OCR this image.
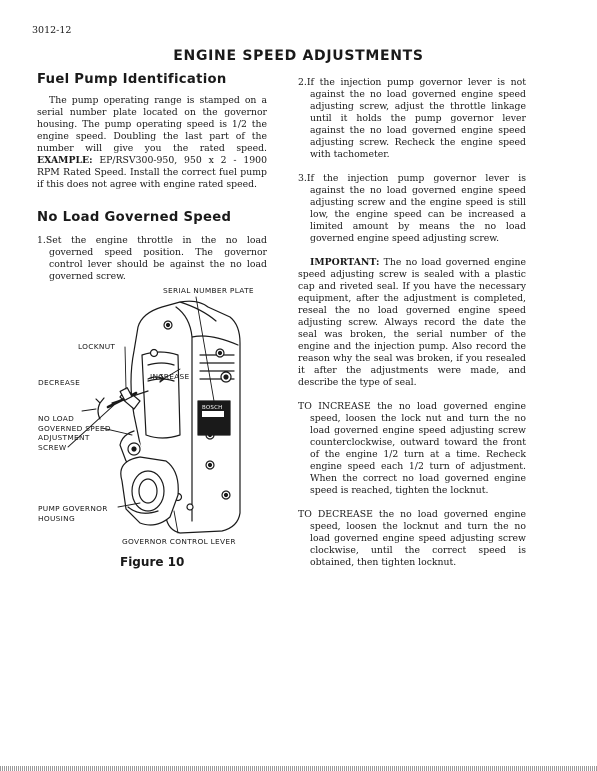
3012-12
ENGINE SPEED ADJUSTMENTS
Fuel Pump Identification

The pump operating range is stamped on a serial number plate located on the governor housing. The pump operating speed is 1/2 the engine speed. Doubling the last part of the number will give you the rated speed. EXAMPLE: EP/RSV300-950, 950 x 2 - 1900 RPM Rated Speed. Install the correct fuel pump if this does not agree with engine rated speed.

No Load Governed Speed

1.Set the engine throttle in the no load governed speed position. The governor control lever should be against the no load governed screw.

SERIAL NUMBER PLATE
LOCKNUT
INCREASE
DECREASE
NO LOAD
GOVERNED SPEED
ADJUSTMENT
SCREW
PUMP GOVERNOR
HOUSING
GOVERNOR CONTROL LEVER
BOSCH
Figure 10

2.If the injection pump governor lever is not against the no load governed engine speed adjusting screw, adjust the throttle linkage until it holds the pump governor lever against the no load governed engine speed adjusting screw. Recheck the engine speed with tachometer.

3.If the injection pump governor lever is against the no load governed engine speed adjusting screw and the engine speed is still low, the engine speed can be increased a limited amount by means the no load governed engine speed adjusting screw.

IMPORTANT: The no load governed engine speed adjusting screw is sealed with a plastic cap and riveted seal. If you have the necessary equipment, after the adjustment is completed, reseal the no load governed engine speed adjusting screw. Always record the date the seal was broken, the serial number of the engine and the injection pump. Also record the reason why the seal was broken, if you resealed it after the adjustments were made, and describe the type of seal.

TO INCREASE the no load governed engine speed, loosen the lock nut and turn the no load governed engine speed adjusting screw counterclockwise, outward toward the front of the engine 1/2 turn at a time. Recheck engine speed each 1/2 turn of adjustment. When the correct no load governed engine speed is reached, tighten the locknut.

TO DECREASE the no load governed engine speed, loosen the locknut and turn the no load governed engine speed adjusting screw clockwise, until the correct speed is obtained, then tighten locknut.
